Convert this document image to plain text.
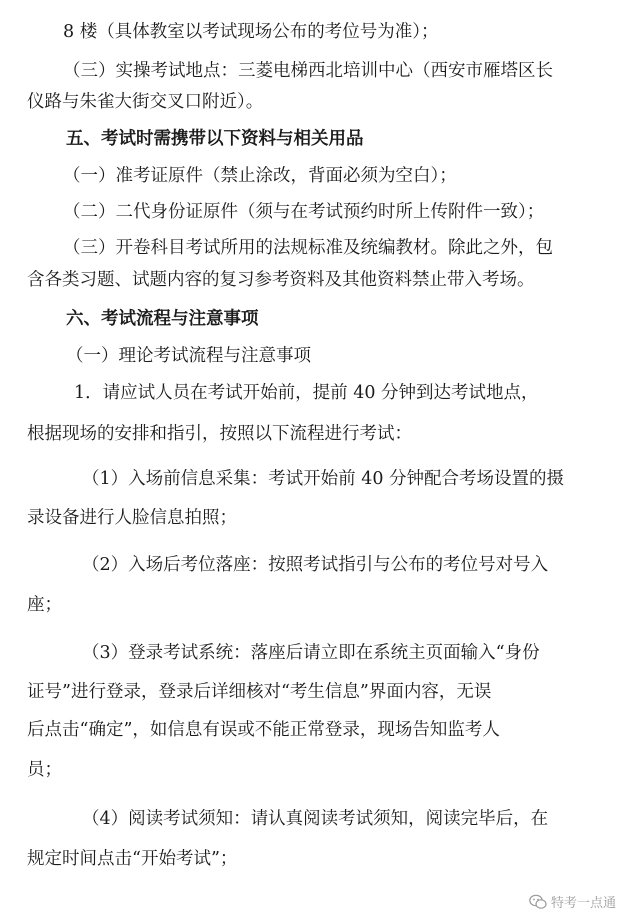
8 楼（具体教室以考试现场公布的考位号为准）；
（三）实操考试地点：三菱电梯西北培训中心（西安市雁塔区长
仪路与朱雀大街交叉口附近）。
五、考试时需携带以下资料与相关用品
（一）准考证原件（禁止涂改，背面必须为空白）；
（二）二代身份证原件（须与在考试预约时所上传附件一致）；
（三）开卷科目考试所用的法规标准及统编教材。除此之外，包
含各类习题、试题内容的复习参考资料及其他资料禁止带入考场。
六、考试流程与注意事项
（一）理论考试流程与注意事项
1．请应试人员在考试开始前，提前 40 分钟到达考试地点，
根据现场的安排和指引，按照以下流程进行考试：
（1）入场前信息采集：考试开始前 40 分钟配合考场设置的摄
录设备进行人脸信息拍照；
（2）入场后考位落座：按照考试指引与公布的考位号对号入
座；
（3）登录考试系统：落座后请立即在系统主页面输入“身份
证号”进行登录，登录后详细核对“考生信息”界面内容，无误
后点击“确定”，如信息有误或不能正常登录，现场告知监考人
员；
（4）阅读考试须知：请认真阅读考试须知，阅读完毕后，在
规定时间点击“开始考试”；
特考一点通
